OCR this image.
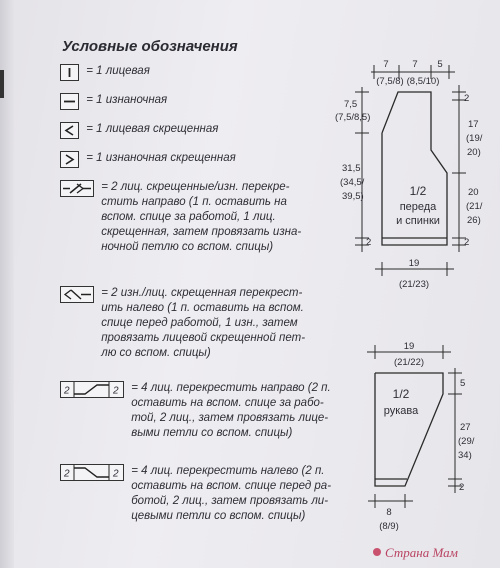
Условные обозначения

= 1 лицевая

= 1 изнаночная

= 1 лицевая скрещенная

= 1 изнаночная скрещенная

= 2 лиц. скрещенные/изн. перекре-
стить направо (1 п. оставить на
вспом. спице за работой, 1 лиц.
скрещенная, затем провязать изна-
ночной петлю со вспом. спицы)

= 2 изн./лиц. скрещенная перекрест-
ить налево (1 п. оставить на вспом.
спице перед работой, 1 изн., затем
провязать лицевой скрещенной пет-
лю со вспом. спицы)
2	2
= 4 лиц. перекрестить направо (2 п.
оставить на вспом. спице за рабо-
той, 2 лиц., затем провязать лице-
выми петли со вспом. спицы)
2	2
= 4 лиц. перекрестить налево (2 п.
оставить на вспом. спице перед ра-
ботой, 2 лиц., затем провязать ли-
цевыми петли со вспом. спицы)
7 7 5
(7,5/8) (8,5/10)
7,5
(7,5/8,5)
31,5
(34,5/
39,5)
2
2
17
(19/
20)
20
(21/
26)
2
19
(21/23)
1/2
переда
и спинки
19
(21/22)
5
27
(29/
34)
2
8
(8/9)
1/2
рукава
Страна Мам
